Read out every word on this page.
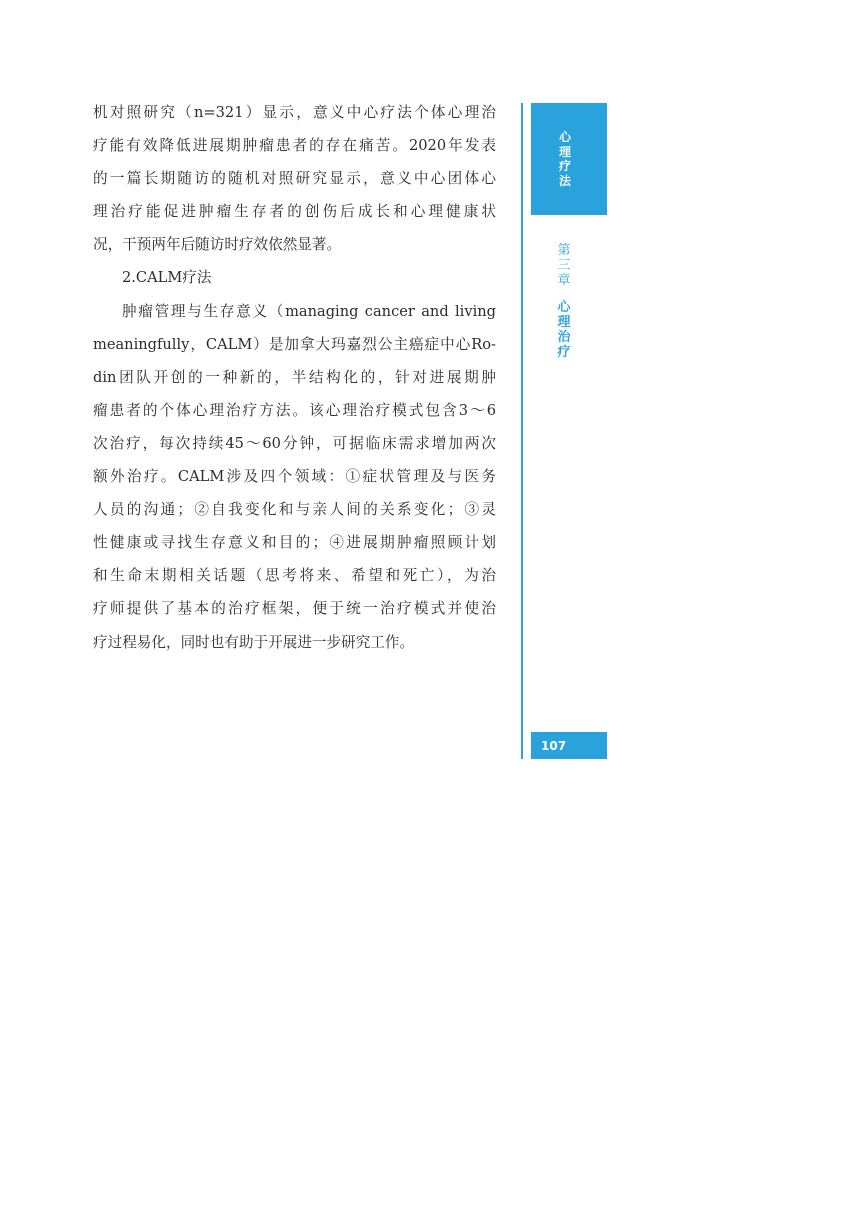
机对照研究（n=321）显示，意义中心疗法个体心理治
疗能有效降低进展期肿瘤患者的存在痛苦。2020年发表
的一篇长期随访的随机对照研究显示，意义中心团体心
理治疗能促进肿瘤生存者的创伤后成长和心理健康状
况，干预两年后随访时疗效依然显著。
2.CALM疗法
肿瘤管理与生存意义（managing cancer and living
meaningfully，CALM）是加拿大玛嘉烈公主癌症中心Ro-
din团队开创的一种新的，半结构化的，针对进展期肿
瘤患者的个体心理治疗方法。该心理治疗模式包含3～6
次治疗，每次持续45～60分钟，可据临床需求增加两次
额外治疗。CALM涉及四个领域：①症状管理及与医务
人员的沟通；②自我变化和与亲人间的关系变化；③灵
性健康或寻找生存意义和目的；④进展期肿瘤照顾计划
和生命末期相关话题（思考将来、希望和死亡），为治
疗师提供了基本的治疗框架，便于统一治疗模式并使治
疗过程易化，同时也有助于开展进一步研究工作。
心理疗法
第三章
心理治疗
107
